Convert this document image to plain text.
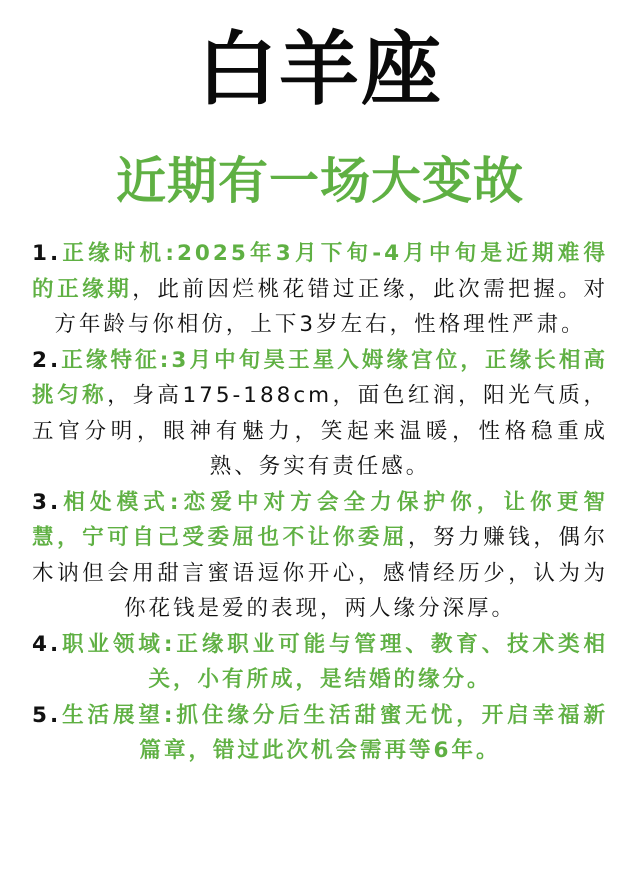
白羊座
近期有一场大变故

1.正缘时机:2025年3月下旬-4月中旬是近期难得的正缘期，此前因烂桃花错过正缘，此次需把握。对方年龄与你相仿，上下3岁左右，性格理性严肃。

2.正缘特征:3月中旬昊王星入姆缘宫位，正缘长相高挑匀称，身高175-188cm，面色红润，阳光气质，五官分明，眼神有魅力，笑起来温暖，性格稳重成熟、务实有责任感。

3.相处模式:恋爱中对方会全力保护你，让你更智慧，宁可自己受委屈也不让你委屈，努力赚钱，偶尔木讷但会用甜言蜜语逗你开心，感情经历少，认为为你花钱是爱的表现，两人缘分深厚。

4.职业领域:正缘职业可能与管理、教育、技术类相关，小有所成，是结婚的缘分。

5.生活展望:抓住缘分后生活甜蜜无忧，开启幸福新篇章，错过此次机会需再等6年。
